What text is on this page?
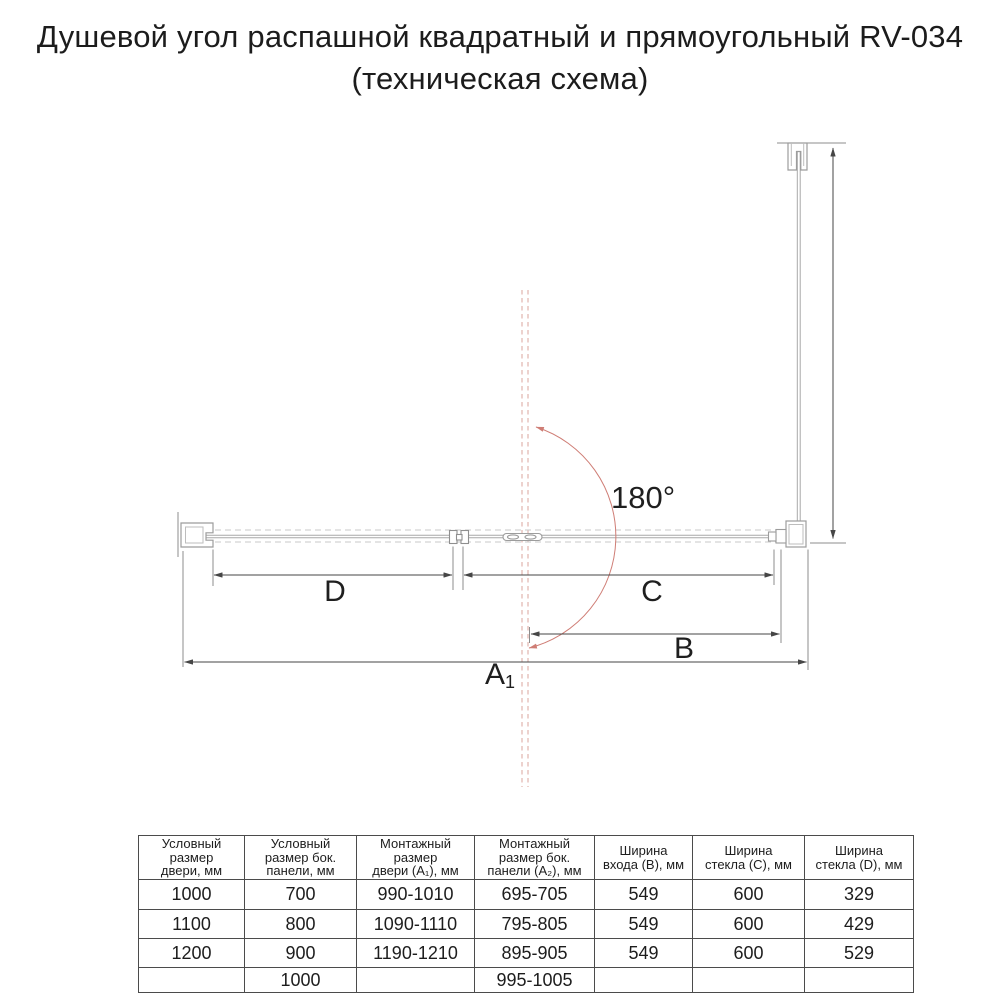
Душевой угол распашной квадратный и прямоугольный RV-034
(техническая схема)
180°
D	C
B
A1
Условный
размер
двери, мм	Условный
размер бок.
панели, мм	Монтажный
размер
двери (А₁), мм	Монтажный
размер бок.
панели (А₂), мм	Ширина
входа (B), мм	Ширина
стекла (C), мм	Ширина
стекла (D), мм

1000	700	990-1010	695-705	549	600	329
1100	800	1090-1110	795-805	549	600	429
1200	900	1190-1210	895-905	549	600	529
	1000		995-1005			
